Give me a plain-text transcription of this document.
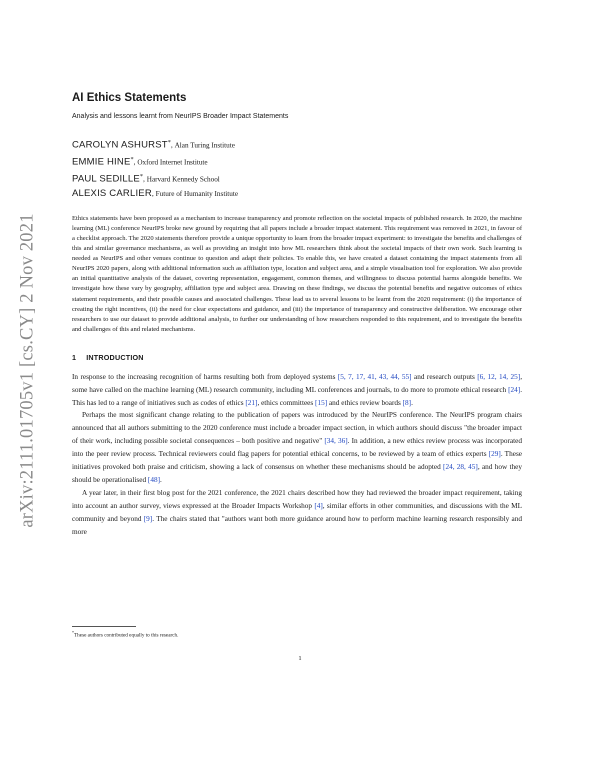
arXiv:2111.01705v1 [cs.CY] 2 Nov 2021
AI Ethics Statements
Analysis and lessons learnt from NeurIPS Broader Impact Statements
CAROLYN ASHURST*, Alan Turing Institute
EMMIE HINE*, Oxford Internet Institute
PAUL SEDILLE*, Harvard Kennedy School
ALEXIS CARLIER, Future of Humanity Institute

Ethics statements have been proposed as a mechanism to increase transparency and promote reflection on the societal impacts of published research. In 2020, the machine learning (ML) conference NeurIPS broke new ground by requiring that all papers include a broader impact statement. This requirement was removed in 2021, in favour of a checklist approach. The 2020 statements therefore provide a unique opportunity to learn from the broader impact experiment: to investigate the benefits and challenges of this and similar governance mechanisms, as well as providing an insight into how ML researchers think about the societal impacts of their own work. Such learning is needed as NeurIPS and other venues continue to question and adapt their policies. To enable this, we have created a dataset containing the impact statements from all NeurIPS 2020 papers, along with additional information such as affiliation type, location and subject area, and a simple visualisation tool for exploration. We also provide an initial quantitative analysis of the dataset, covering representation, engagement, common themes, and willingness to discuss potential harms alongside benefits. We investigate how these vary by geography, affiliation type and subject area. Drawing on these findings, we discuss the potential benefits and negative outcomes of ethics statement requirements, and their possible causes and associated challenges. These lead us to several lessons to be learnt from the 2020 requirement: (i) the importance of creating the right incentives, (ii) the need for clear expectations and guidance, and (iii) the importance of transparency and constructive deliberation. We encourage other researchers to use our dataset to provide additional analysis, to further our understanding of how researchers responded to this requirement, and to investigate the benefits and challenges of this and related mechanisms.

1 INTRODUCTION

In response to the increasing recognition of harms resulting both from deployed systems [5, 7, 17, 41, 43, 44, 55] and research outputs [6, 12, 14, 25], some have called on the machine learning (ML) research community, including ML conferences and journals, to do more to promote ethical research [24]. This has led to a range of initiatives such as codes of ethics [21], ethics committees [15] and ethics review boards [8].

Perhaps the most significant change relating to the publication of papers was introduced by the NeurIPS conference. The NeurIPS program chairs announced that all authors submitting to the 2020 conference must include a broader impact section, in which authors should discuss "the broader impact of their work, including possible societal consequences – both positive and negative" [34, 36]. In addition, a new ethics review process was incorporated into the peer review process. Technical reviewers could flag papers for potential ethical concerns, to be reviewed by a team of ethics experts [29]. These initiatives provoked both praise and criticism, showing a lack of consensus on whether these mechanisms should be adopted [24, 28, 45], and how they should be operationalised [48].

A year later, in their first blog post for the 2021 conference, the 2021 chairs described how they had reviewed the broader impact requirement, taking into account an author survey, views expressed at the Broader Impacts Workshop [4], similar efforts in other communities, and discussions with the ML community and beyond [9]. The chairs stated that "authors want both more guidance around how to perform machine learning research responsibly and more

*These authors contributed equally to this research.
1
